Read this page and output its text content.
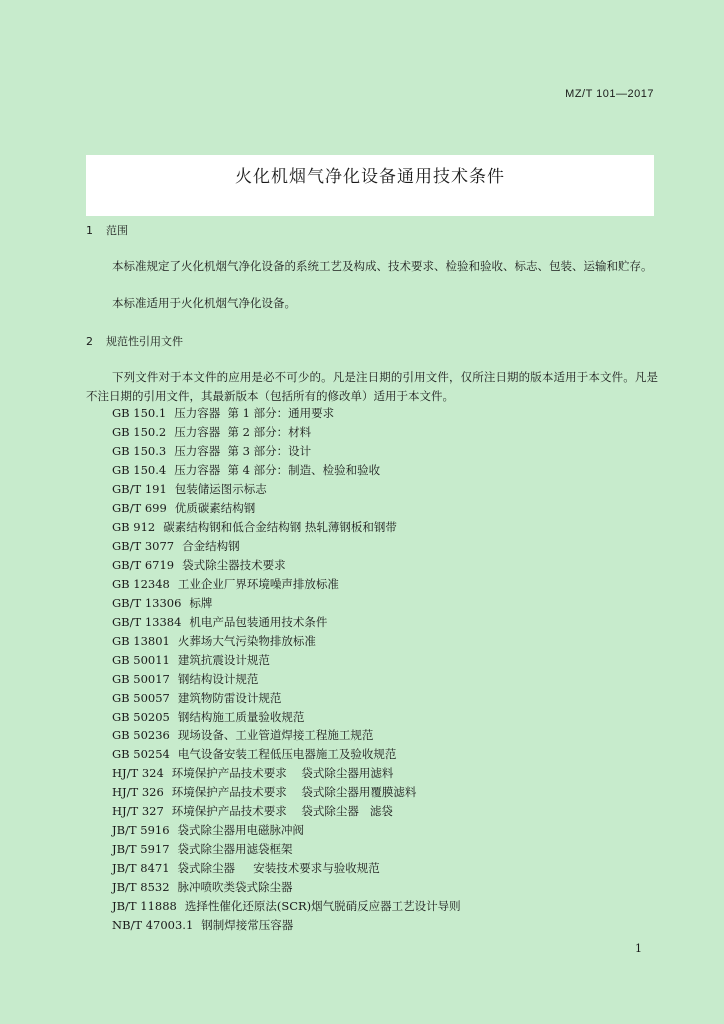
MZ/T 101—2017
火化机烟气净化设备通用技术条件
1 范围

本标准规定了火化机烟气净化设备的系统工艺及构成、技术要求、检验和验收、标志、包装、运输和贮存。

本标准适用于火化机烟气净化设备。

2 规范性引用文件

下列文件对于本文件的应用是必不可少的。凡是注日期的引用文件，仅所注日期的版本适用于本文件。凡是不注日期的引用文件，其最新版本（包括所有的修改单）适用于本文件。

GB 150.1 压力容器  第 1 部分：通用要求
GB 150.2 压力容器  第 2 部分：材料
GB 150.3 压力容器  第 3 部分：设计
GB 150.4 压力容器  第 4 部分：制造、检验和验收
GB/T 191 包装储运图示标志
GB/T 699 优质碳素结构钢
GB 912 碳素结构钢和低合金结构钢 热轧薄钢板和钢带
GB/T 3077 合金结构钢
GB/T 6719 袋式除尘器技术要求
GB 12348 工业企业厂界环境噪声排放标准
GB/T 13306 标牌
GB/T 13384 机电产品包装通用技术条件
GB 13801 火葬场大气污染物排放标准
GB 50011 建筑抗震设计规范
GB 50017 钢结构设计规范
GB 50057 建筑物防雷设计规范
GB 50205 钢结构施工质量验收规范
GB 50236 现场设备、工业管道焊接工程施工规范
GB 50254 电气设备安装工程低压电器施工及验收规范
HJ/T 324 环境保护产品技术要求    袋式除尘器用滤料
HJ/T 326 环境保护产品技术要求    袋式除尘器用覆膜滤料
HJ/T 327 环境保护产品技术要求    袋式除尘器   滤袋
JB/T 5916 袋式除尘器用电磁脉冲阀
JB/T 5917 袋式除尘器用滤袋框架
JB/T 8471 袋式除尘器     安装技术要求与验收规范
JB/T 8532 脉冲喷吹类袋式除尘器
JB/T 11888 选择性催化还原法(SCR)烟气脱硝反应器工艺设计导则
NB/T 47003.1 钢制焊接常压容器
1
